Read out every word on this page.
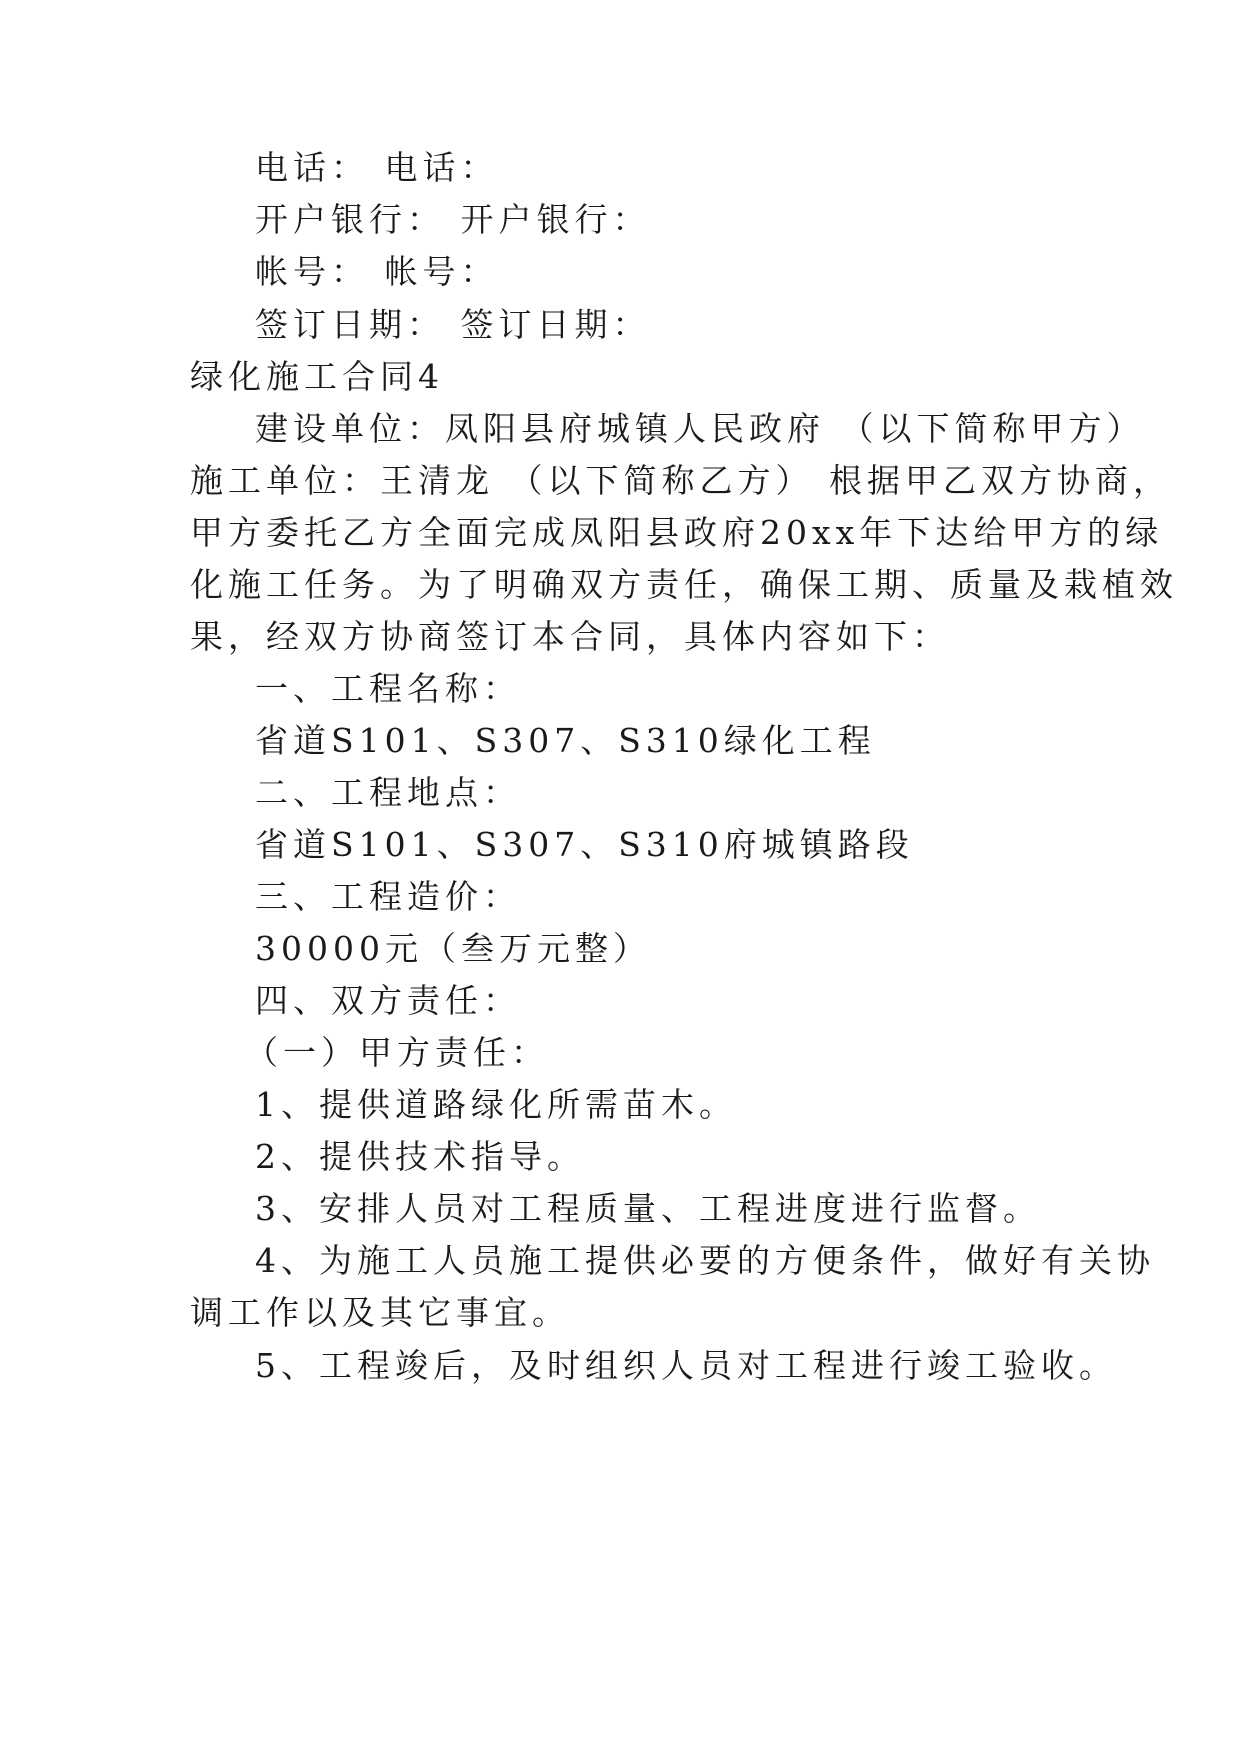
电话： 电话：
开户银行： 开户银行：
帐号： 帐号：
签订日期： 签订日期：
绿化施工合同4
建设单位：凤阳县府城镇人民政府 （以下简称甲方）
施工单位：王清龙 （以下简称乙方） 根据甲乙双方协商，
甲方委托乙方全面完成凤阳县政府20xx年下达给甲方的绿
化施工任务。为了明确双方责任，确保工期、质量及栽植效
果，经双方协商签订本合同，具体内容如下：
一、工程名称：
省道S101、S307、S310绿化工程
二、工程地点：
省道S101、S307、S310府城镇路段
三、工程造价：
30000元（叁万元整）
四、双方责任：
（一）甲方责任：
1、提供道路绿化所需苗木。
2、提供技术指导。
3、安排人员对工程质量、工程进度进行监督。
4、为施工人员施工提供必要的方便条件，做好有关协
调工作以及其它事宜。
5、工程竣后，及时组织人员对工程进行竣工验收。
